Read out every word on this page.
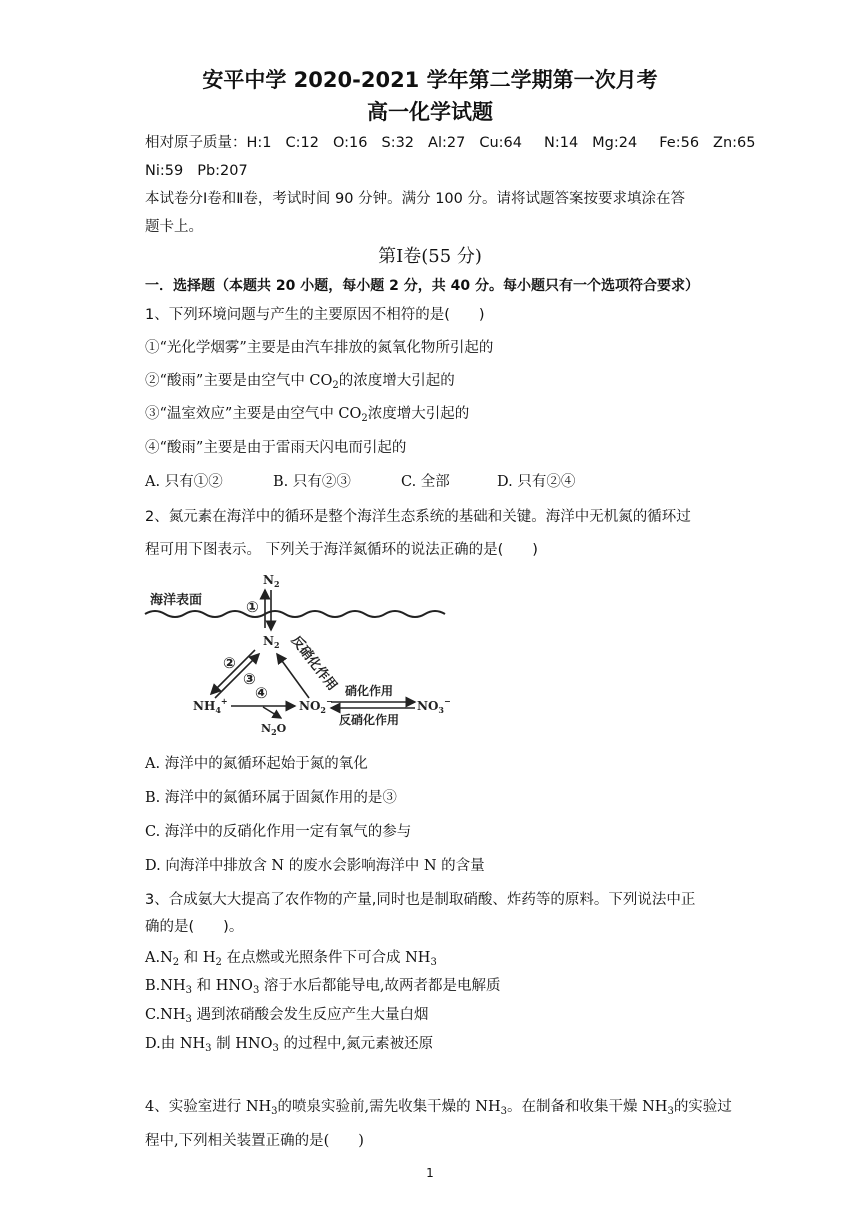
安平中学 2020-2021 学年第二学期第一次月考
高一化学试题
相对原子质量：H:1 C:12 O:16 S:32 Al:27 Cu:64 N:14 Mg:24 Fe:56 Zn:65
Ni:59 Pb:207
本试卷分Ⅰ卷和Ⅱ卷，考试时间 90 分钟。满分 100 分。请将试题答案按要求填涂在答
题卡上。
第Ⅰ卷(55 分)
一．选择题（本题共 20 小题，每小题 2 分，共 40 分。每小题只有一个选项符合要求）
1、下列环境问题与产生的主要原因不相符的是(　　)
①“光化学烟雾”主要是由汽车排放的氮氧化物所引起的
②“酸雨”主要是由空气中 $CO_2$的浓度增大引起的
③“温室效应”主要是由空气中 $CO_2$浓度增大引起的
④“酸雨”主要是由于雷雨天闪电而引起的
A. 只有①②	B. 只有②③	C. 全部	D. 只有②④
2、氮元素在海洋中的循环是整个海洋生态系统的基础和关键。海洋中无机氮的循环过
程可用下图表示。 下列关于海洋氮循环的说法正确的是(　　)
海洋表面
$N_2$
①
$N_2$
②
③ 反硝化作用
$NH_4^+$ ④
$N_2O$
$NO_2^-$
硝化作用
反硝化作用
$NO_3^-$
A. 海洋中的氮循环起始于氮的氧化
B. 海洋中的氮循环属于固氮作用的是③
C. 海洋中的反硝化作用一定有氧气的参与
D. 向海洋中排放含 N 的废水会影响海洋中 N 的含量
3、合成氨大大提高了农作物的产量,同时也是制取硝酸、炸药等的原料。下列说法中正
确的是(　　)。
$A.N_2$ 和 $H_2$ 在点燃或光照条件下可合成 $NH_3$
$B.NH_3$ 和 $HNO_3$ 溶于水后都能导电,故两者都是电解质
$C.NH_3$ 遇到浓硝酸会发生反应产生大量白烟
D.由 $NH_3$ 制 $HNO_3$ 的过程中,氮元素被还原
4、实验室进行 $NH_3$的喷泉实验前,需先收集干燥的 $NH_3$。在制备和收集干燥 $NH_3$的实验过
程中,下列相关装置正确的是(　　)
1
